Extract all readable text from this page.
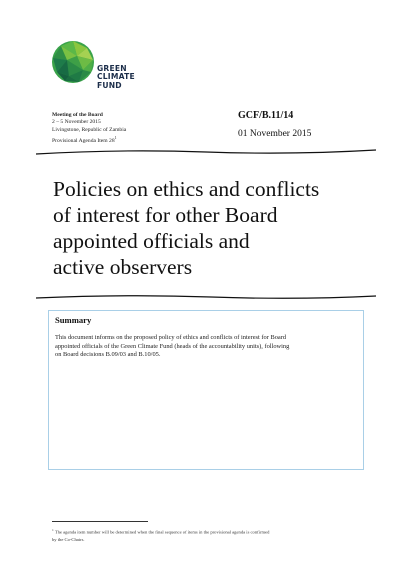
GREEN
CLIMATE
FUND
Meeting of the Board
2 – 5 November 2015
Livingstone, Republic of Zambia
Provisional Agenda Item $28^1$
GCF/B.11/14
01 November 2015
Policies on ethics and conflicts
of interest for other Board
appointed officials and
active observers
Summary
This document informs on the proposed policy of ethics and conflicts of interest for Board
appointed officials of the Green Climate Fund (heads of the accountability units), following
on Board decisions B.09/03 and B.10/05.
$^1$ The agenda item number will be determined when the final sequence of items in the provisional agenda is confirmed
by the Co-Chairs.
